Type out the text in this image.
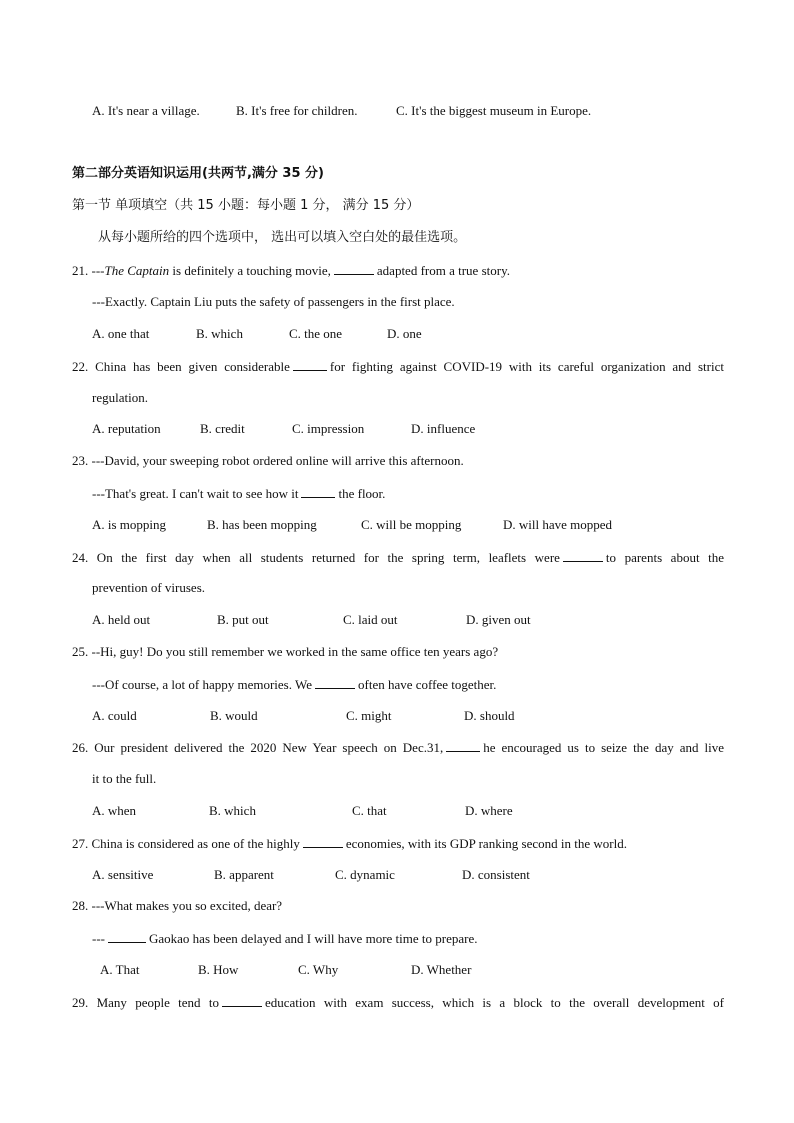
A. It's near a village.	B. It's free for children.	C. It's the biggest museum in Europe.
第二部分英语知识运用(共两节,满分 35 分)
第一节 单项填空（共 15 小题：每小题 1 分， 满分 15 分）
从每小题所给的四个选项中， 选出可以填入空白处的最佳选项。
21. ---The Captain is definitely a touching movie,	adapted from a true story.
---Exactly. Captain Liu puts the safety of passengers in the first place.
A. one that	B. which	C. the one	D. one
22. China has been given considerable	for fighting against COVID-19 with its careful organization and strict
regulation.
A. reputation	B. credit	C. impression	D. influence
23. ---David, your sweeping robot ordered online will arrive this afternoon.
---That's great. I can't wait to see how it	the floor.
A. is mopping	B. has been mopping	C. will be mopping	D. will have mopped
24. On the first day when all students returned for the spring term, leaflets were	to parents about the
prevention of viruses.
A. held out	B. put out	C. laid out	D. given out
25. --Hi, guy! Do you still remember we worked in the same office ten years ago?
---Of course, a lot of happy memories. We	often have coffee together.
A. could	B. would	C. might	D. should
26. Our president delivered the 2020 New Year speech on Dec.31,	he encouraged us to seize the day and live
it to the full.
A. when	B. which	C. that	D. where
27. China is considered as one of the highly	economies, with its GDP ranking second in the world.
A. sensitive	B. apparent	C. dynamic	D. consistent
28. ---What makes you so excited, dear?
---	Gaokao has been delayed and I will have more time to prepare.
A. That	B. How	C. Why	D. Whether
29. Many people tend to	education with exam success, which is a block to the overall development of
